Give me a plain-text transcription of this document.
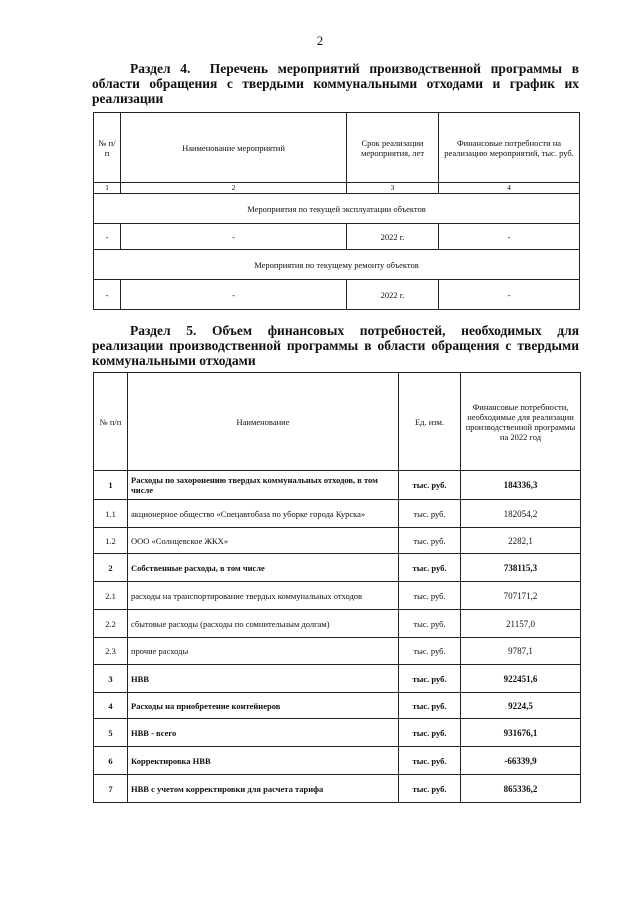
2
Раздел 4. Перечень мероприятий производственной программы в области обращения с твердыми коммунальными отходами и график их реализации
№ п/п	Наименование мероприятий	Срок реализации мероприятия, лет	Финансовые потребности на реализацию мероприятий, тыс. руб.
1	2	3	4
Мероприятия по текущей эксплуатации объектов			
-	-	2022 г.	-
Мероприятия по текущему ремонту объектов			
-	-	2022 г.	-
Раздел 5. Объем финансовых потребностей, необходимых для реализации производственной программы в области обращения с твердыми коммунальными отходами
№ п/п	Наименование	Ед. изм.	Финансовые потребности, необходимые для реализации производственной программы на 2022 год
1	Расходы по захоронению твердых коммунальных отходов, в том числе	тыс. руб.	184336,3
1.1	акционерное общество «Спецавтобаза по уборке города Курска»	тыс. руб.	182054,2
1.2	ООО «Солнцевское ЖКХ»	тыс. руб.	2282,1
2	Собственные расходы, в том числе	тыс. руб.	738115,3
2.1	расходы на транспортирование твердых коммунальных отходов	тыс. руб.	707171,2
2.2	сбытовые расходы (расходы по сомнительным долгам)	тыс. руб.	21157,0
2.3	прочие расходы	тыс. руб.	9787,1
3	НВВ	тыс. руб.	922451,6
4	Расходы на приобретение контейнеров	тыс. руб.	9224,5
5	НВВ - всего	тыс. руб.	931676,1
6	Корректировка НВВ	тыс. руб.	-66339,9
7	НВВ с учетом корректировки для расчета тарифа	тыс. руб.	865336,2
